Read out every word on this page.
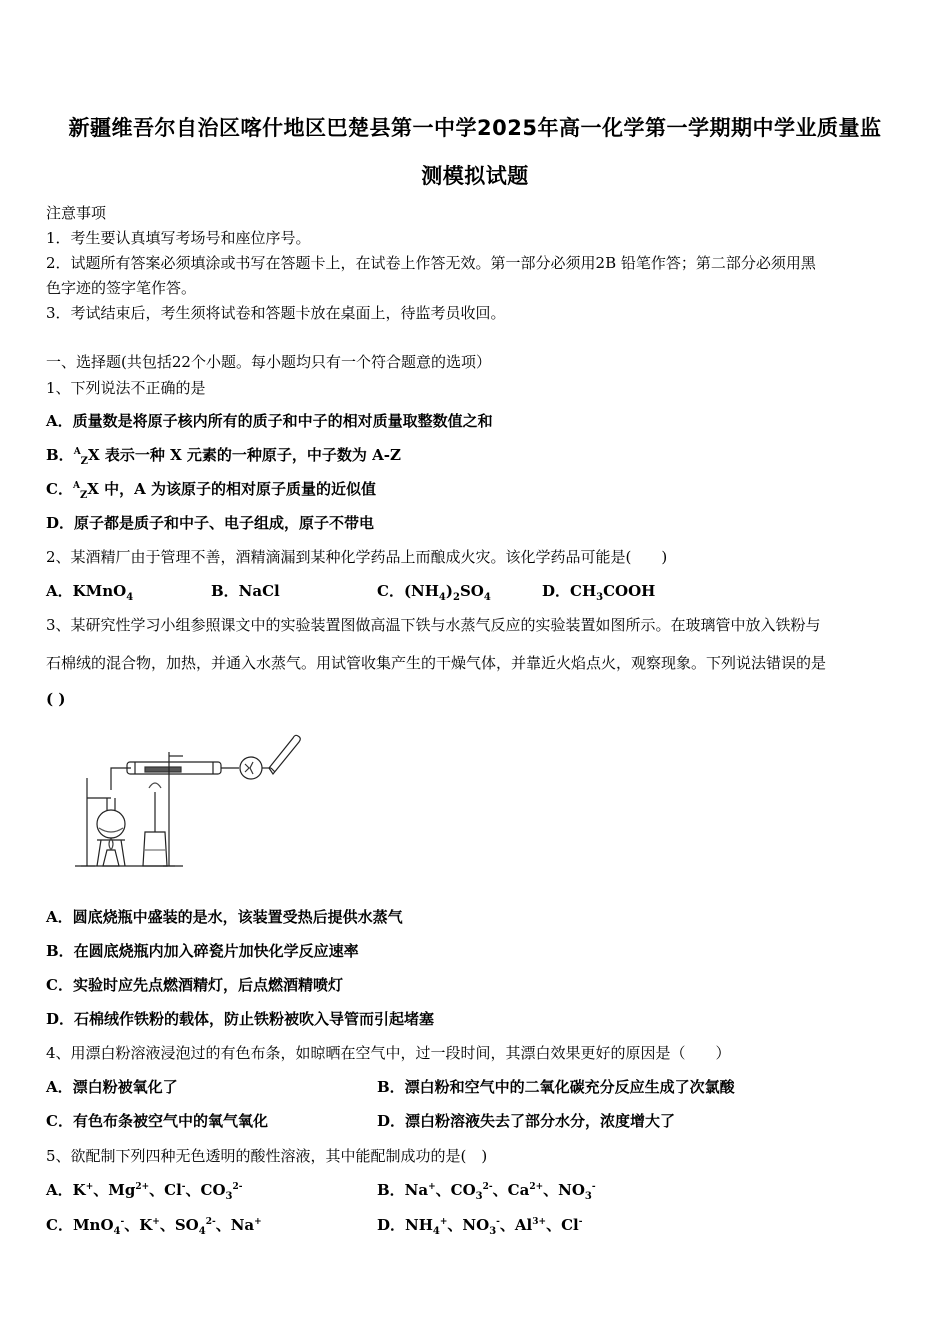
新疆维吾尔自治区喀什地区巴楚县第一中学2025年高一化学第一学期期中学业质量监
测模拟试题
注意事项
1．考生要认真填写考场号和座位序号。
2．试题所有答案必须填涂或书写在答题卡上，在试卷上作答无效。第一部分必须用2B 铅笔作答；第二部分必须用黑
色字迹的签字笔作答。
3．考试结束后，考生须将试卷和答题卡放在桌面上，待监考员收回。
一、选择题(共包括22个小题。每小题均只有一个符合题意的选项）
1、下列说法不正确的是
A．质量数是将原子核内所有的质子和中子的相对质量取整数值之和
B．$^A_Z$X 表示一种 X 元素的一种原子，中子数为 A-Z
C．$^A_Z$X 中，A 为该原子的相对原子质量的近似值
D．原子都是质子和中子、电子组成，原子不带电
2、某酒精厂由于管理不善，酒精滴漏到某种化学药品上而酿成火灾。该化学药品可能是(　　)
A．KMnO$_4$	B．NaCl	C．$(NH_4)_2SO_4$	D．$CH_3COOH$
3、某研究性学习小组参照课文中的实验装置图做高温下铁与水蒸气反应的实验装置如图所示。在玻璃管中放入铁粉与
石棉绒的混合物，加热，并通入水蒸气。用试管收集产生的干燥气体，并靠近火焰点火，观察现象。下列说法错误的是
( )
A．圆底烧瓶中盛装的是水，该装置受热后提供水蒸气
B．在圆底烧瓶内加入碎瓷片加快化学反应速率
C．实验时应先点燃酒精灯，后点燃酒精喷灯
D．石棉绒作铁粉的载体，防止铁粉被吹入导管而引起堵塞
4、用漂白粉溶液浸泡过的有色布条，如晾晒在空气中，过一段时间，其漂白效果更好的原因是（　　）
A．漂白粉被氧化了	B．漂白粉和空气中的二氧化碳充分反应生成了次氯酸
C．有色布条被空气中的氧气氧化	D．漂白粉溶液失去了部分水分，浓度增大了
5、欲配制下列四种无色透明的酸性溶液，其中能配制成功的是(　)
A．K+、$Mg^{2+}$、Cl-、$CO_3^{2-}$	B．Na+、$CO_3^{2-}$、$Ca^{2+}$、$NO_3^-$
C．MnO$_4$-、K+、$SO_4^{2-}$、Na+	D．$NH_4^+$、$NO_3^-$、$Al^{3+}$、Cl-
